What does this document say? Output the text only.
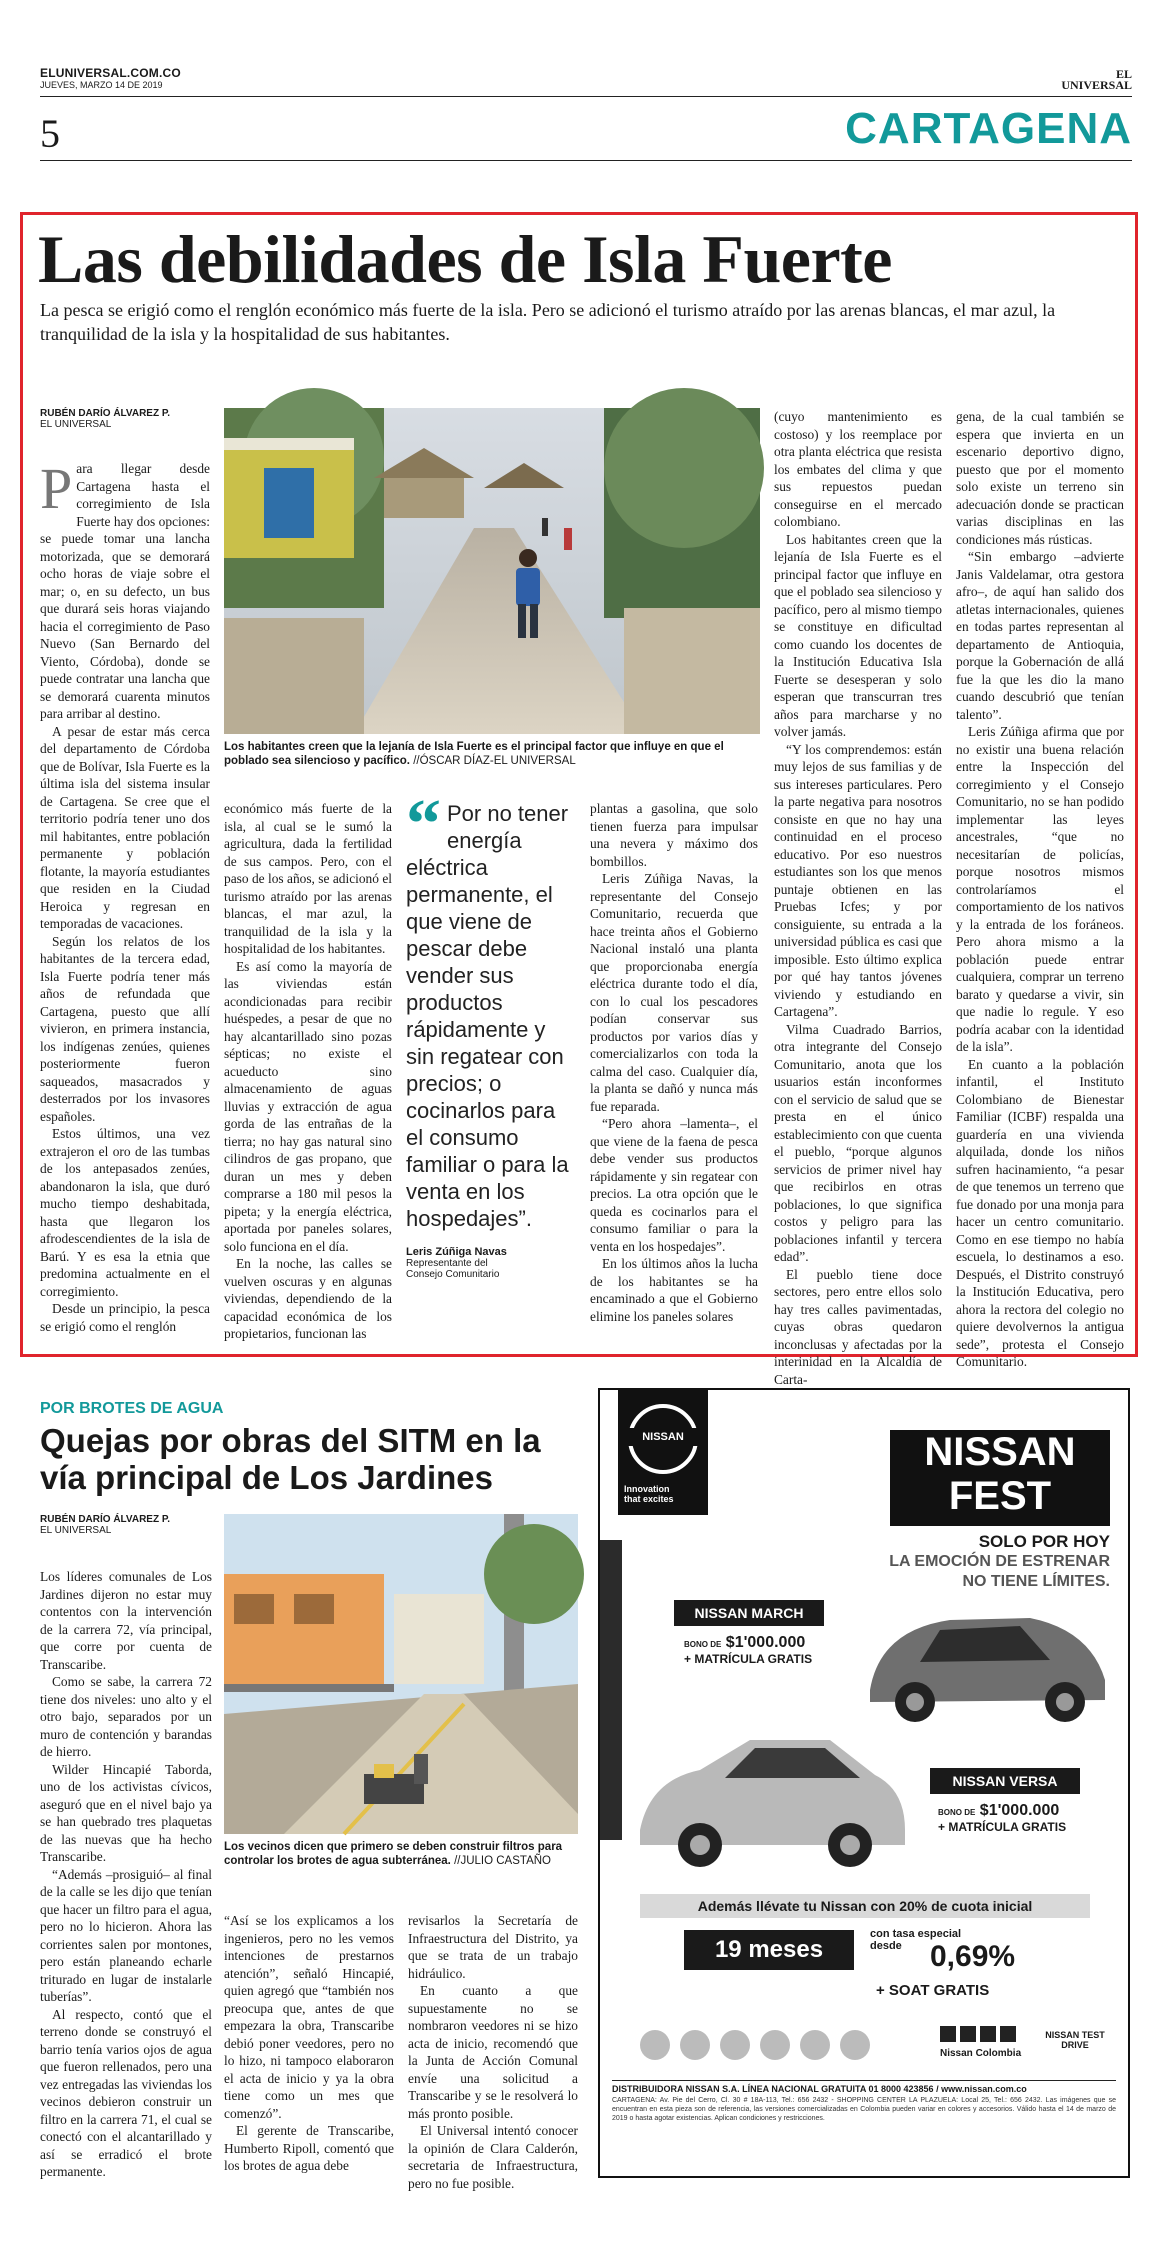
ELUNIVERSAL.COM.CO
JUEVES, MARZO 14 DE 2019
EL
UNIVERSAL
5	CARTAGENA
Las debilidades de Isla Fuerte
La pesca se erigió como el renglón económico más fuerte de la isla. Pero se adicionó el turismo atraído por las arenas blancas, el mar azul, la tranquilidad de la isla y la hospitalidad de sus habitantes.
RUBÉN DARÍO ÁLVAREZ P.
EL UNIVERSAL

Para llegar desde Cartagena hasta el corregimiento de Isla Fuerte hay dos opciones: se puede tomar una lancha motorizada, que se demorará ocho horas de viaje sobre el mar; o, en su defecto, un bus que durará seis horas viajando hacia el corregimiento de Paso Nuevo (San Bernardo del Viento, Córdoba), donde se puede contratar una lancha que se demorará cuarenta minutos para arribar al destino.

A pesar de estar más cerca del departamento de Córdoba que de Bolívar, Isla Fuerte es la última isla del sistema insular de Cartagena. Se cree que el territorio podría tener uno dos mil habitantes, entre población permanente y población flotante, la mayoría estudiantes que residen en la Ciudad Heroica y regresan en temporadas de vacaciones.

Según los relatos de los habitantes de la tercera edad, Isla Fuerte podría tener más años de refundada que Cartagena, puesto que allí vivieron, en primera instancia, los indígenas zenúes, quienes posteriormente fueron saqueados, masacrados y desterrados por los invasores españoles.

Estos últimos, una vez extrajeron el oro de las tumbas de los antepasados zenúes, abandonaron la isla, que duró mucho tiempo deshabitada, hasta que llegaron los afrodescendientes de la isla de Barú. Y es esa la etnia que predomina actualmente en el corregimiento.

Desde un principio, la pesca se erigió como el renglón

Los habitantes creen que la lejanía de Isla Fuerte es el principal factor que influye en que el poblado sea silencioso y pacífico. //ÓSCAR DÍAZ-EL UNIVERSAL

económico más fuerte de la isla, al cual se le sumó la agricultura, dada la fertilidad de sus campos. Pero, con el paso de los años, se adicionó el turismo atraído por las arenas blancas, el mar azul, la tranquilidad de la isla y la hospitalidad de los habitantes.

Es así como la mayoría de las viviendas están acondicionadas para recibir huéspedes, a pesar de que no hay alcantarillado sino pozas sépticas; no existe el acueducto sino almacenamiento de aguas lluvias y extracción de agua gorda de las entrañas de la tierra; no hay gas natural sino cilindros de gas propano, que duran un mes y deben comprarse a 180 mil pesos la pipeta; y la energía eléctrica, aportada por paneles solares, solo funciona en el día.

En la noche, las calles se vuelven oscuras y en algunas viviendas, dependiendo de la capacidad económica de los propietarios, funcionan las

“ Por no tener energía eléctrica permanente, el que viene de pescar debe vender sus productos rápidamente y sin regatear con precios; o cocinarlos para el consumo familiar o para la venta en los hospedajes”.
Leris Zúñiga Navas
Representante del
Consejo Comunitario

plantas a gasolina, que solo tienen fuerza para impulsar una nevera y máximo dos bombillos.

Leris Zúñiga Navas, la representante del Consejo Comunitario, recuerda que hace treinta años el Gobierno Nacional instaló una planta que proporcionaba energía eléctrica durante todo el día, con lo cual los pescadores podían conservar sus productos por varios días y comercializarlos con toda la calma del caso. Cualquier día, la planta se dañó y nunca más fue reparada.

“Pero ahora –lamenta–, el que viene de la faena de pesca debe vender sus productos rápidamente y sin regatear con precios. La otra opción que le queda es cocinarlos para el consumo familiar o para la venta en los hospedajes”.

En los últimos años la lucha de los habitantes se ha encaminado a que el Gobierno elimine los paneles solares

(cuyo mantenimiento es costoso) y los reemplace por otra planta eléctrica que resista los embates del clima y que sus repuestos puedan conseguirse en el mercado colombiano.

Los habitantes creen que la lejanía de Isla Fuerte es el principal factor que influye en que el poblado sea silencioso y pacífico, pero al mismo tiempo se constituye en dificultad como cuando los docentes de la Institución Educativa Isla Fuerte se desesperan y solo esperan que transcurran tres años para marcharse y no volver jamás.

“Y los comprendemos: están muy lejos de sus familias y de sus intereses particulares. Pero la parte negativa para nosotros consiste en que no hay una continuidad en el proceso educativo. Por eso nuestros estudiantes son los que menos puntaje obtienen en las Pruebas Icfes; y por consiguiente, su entrada a la universidad pública es casi que imposible. Esto último explica por qué hay tantos jóvenes viviendo y estudiando en Cartagena”.

Vilma Cuadrado Barrios, otra integrante del Consejo Comunitario, anota que los usuarios están inconformes con el servicio de salud que se presta en el único establecimiento con que cuenta el pueblo, “porque algunos servicios de primer nivel hay que recibirlos en otras poblaciones, lo que significa costos y peligro para las poblaciones infantil y tercera edad”.

El pueblo tiene doce sectores, pero entre ellos solo hay tres calles pavimentadas, cuyas obras quedaron inconclusas y afectadas por la interinidad en la Alcaldía de Carta-

gena, de la cual también se espera que invierta en un escenario deportivo digno, puesto que por el momento solo existe un terreno sin adecuación donde se practican varias disciplinas en las condiciones más rústicas.

“Sin embargo –advierte Janis Valdelamar, otra gestora afro–, de aquí han salido dos atletas internacionales, quienes en todas partes representan al departamento de Antioquia, porque la Gobernación de allá fue la que les dio la mano cuando descubrió que tenían talento”.

Leris Zúñiga afirma que por no existir una buena relación entre la Inspección del corregimiento y el Consejo Comunitario, no se han podido implementar las leyes ancestrales, “que no necesitarían de policías, porque nosotros mismos controlaríamos el comportamiento de los nativos y la entrada de los foráneos. Pero ahora mismo a la población puede entrar cualquiera, comprar un terreno barato y quedarse a vivir, sin que nadie lo regule. Y eso podría acabar con la identidad de la isla”.

En cuanto a la población infantil, el Instituto Colombiano de Bienestar Familiar (ICBF) respalda una guardería en una vivienda alquilada, donde los niños sufren hacinamiento, “a pesar de que tenemos un terreno que fue donado por una monja para hacer un centro comunitario. Como en ese tiempo no había escuela, lo destinamos a eso. Después, el Distrito construyó la Institución Educativa, pero ahora la rectora del colegio no quiere devolvernos la antigua sede”, protesta el Consejo Comunitario.

POR BROTES DE AGUA
Quejas por obras del SITM en la vía principal de Los Jardines
RUBÉN DARÍO ÁLVAREZ P.
EL UNIVERSAL

Los líderes comunales de Los Jardines dijeron no estar muy contentos con la intervención de la carrera 72, vía principal, que corre por cuenta de Transcaribe.

Como se sabe, la carrera 72 tiene dos niveles: uno alto y el otro bajo, separados por un muro de contención y barandas de hierro.

Wilder Hincapié Taborda, uno de los activistas cívicos, aseguró que en el nivel bajo ya se han quebrado tres plaquetas de las nuevas que ha hecho Transcaribe.

“Además –prosiguió– al final de la calle se les dijo que tenían que hacer un filtro para el agua, pero no lo hicieron. Ahora las corrientes salen por montones, pero están planeando echarle triturado en lugar de instalarle tuberías”.

Al respecto, contó que el terreno donde se construyó el barrio tenía varios ojos de agua que fueron rellenados, pero una vez entregadas las viviendas los vecinos debieron construir un filtro en la carrera 71, el cual se conectó con el alcantarillado y así se erradicó el brote permanente.

Los vecinos dicen que primero se deben construir filtros para controlar los brotes de agua subterránea. //JULIO CASTAÑO

“Así se los explicamos a los ingenieros, pero no les vemos intenciones de prestarnos atención”, señaló Hincapié, quien agregó que “también nos preocupa que, antes de que empezara la obra, Transcaribe debió poner veedores, pero no lo hizo, ni tampoco elaboraron el acta de inicio y ya la obra tiene como un mes que comenzó”.

El gerente de Transcaribe, Humberto Ripoll, comentó que los brotes de agua debe

revisarlos la Secretaría de Infraestructura del Distrito, ya que se trata de un trabajo hidráulico.

En cuanto a que supuestamente no se nombraron veedores ni se hizo acta de inicio, recomendó que la Junta de Acción Comunal envíe una solicitud a Transcaribe y se le resolverá lo más pronto posible.

El Universal intentó conocer la opinión de Clara Calderón, secretaria de Infraestructura, pero no fue posible.

NISSAN
Innovation
that excites
NISSAN
FEST
SOLO POR HOY
LA EMOCIÓN DE ESTRENAR
NO TIENE LÍMITES.
NISSAN MARCH
BONO DE $1'000.000
+ MATRÍCULA GRATIS
NISSAN VERSA
BONO DE $1'000.000
+ MATRÍCULA GRATIS
Además llévate tu Nissan con 20% de cuota inicial
19 meses
con tasa especial desde 0,69%
+ SOAT GRATIS
Nissan Colombia
NISSAN TEST DRIVE
DISTRIBUIDORA NISSAN S.A. LÍNEA NACIONAL GRATUITA 01 8000 423856 / www.nissan.com.co
CARTAGENA: Av. Pie del Cerro, Cl. 30 # 18A-113, Tel.: 656 2432 - SHOPPING CENTER LA PLAZUELA: Local 25, Tel.: 656 2432. Las imágenes que se encuentran en esta pieza son de referencia, las versiones comercializadas en Colombia pueden variar en colores y accesorios. Válido hasta el 14 de marzo de 2019 o hasta agotar existencias. Aplican condiciones y restricciones.
